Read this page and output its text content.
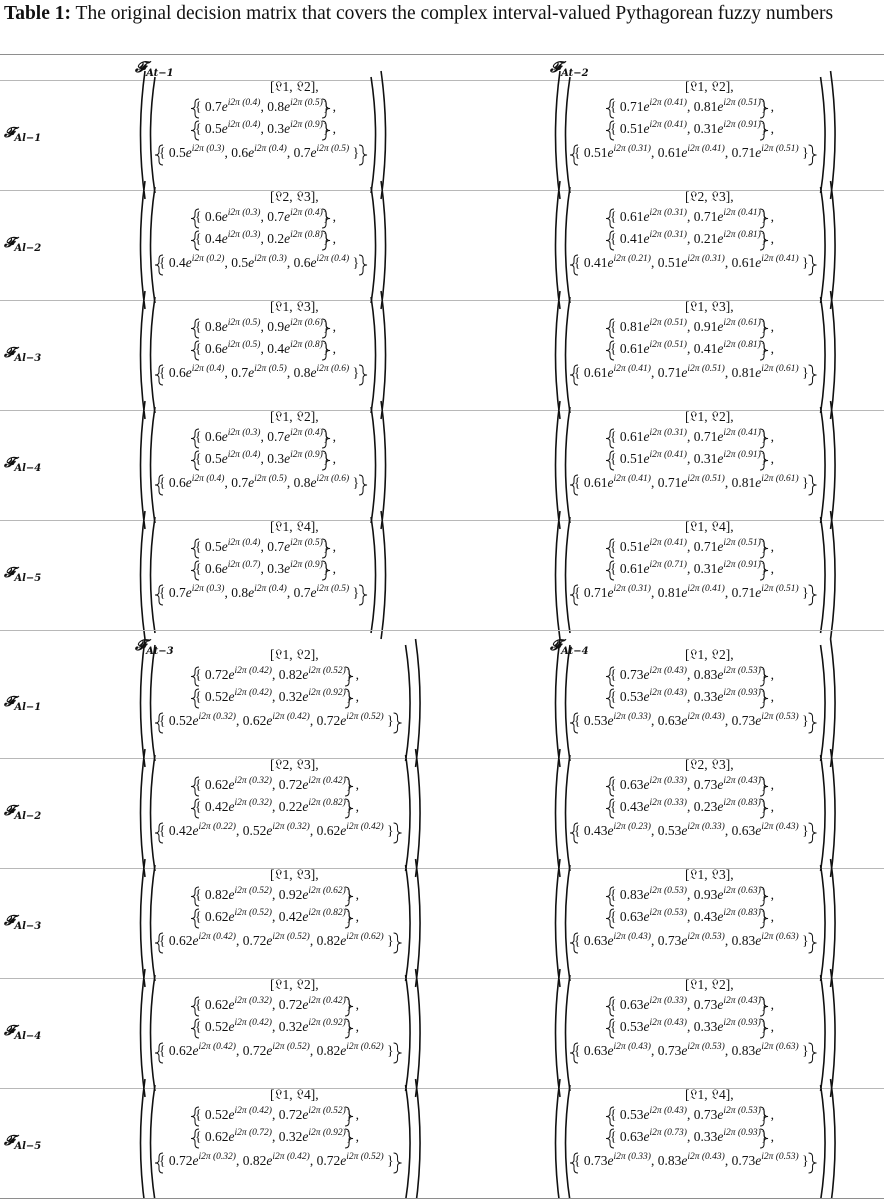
Table 1: The original decision matrix that covers the complex interval-valued Pythagorean fuzzy numbers
𝓕$_{At-1}$	𝓕$_{At-2}$
𝓕$_{Al-1}$
[𝔏1, 𝔏2],
{ $0.7e^{i2\pi (0.4)}$, $0.8e^{i2\pi (0.5)}$} ,
{ $0.5e^{i2\pi (0.4)}$, $0.3e^{i2\pi (0.9)}$} ,
{ $0.5e^{i2\pi (0.3)}$, $0.6e^{i2\pi (0.4)}$, $0.7e^{i2\pi (0.5)}$ }
[𝔏1, 𝔏2],
{ $0.71e^{i2\pi (0.41)}$, $0.81e^{i2\pi (0.51)}$} ,
{ $0.51e^{i2\pi (0.41)}$, $0.31e^{i2\pi (0.91)}$} ,
{ $0.51e^{i2\pi (0.31)}$, $0.61e^{i2\pi (0.41)}$, $0.71e^{i2\pi (0.51)}$ }
𝓕$_{Al-2}$
[𝔏2, 𝔏3],
{ $0.6e^{i2\pi (0.3)}$, $0.7e^{i2\pi (0.4)}$} ,
{ $0.4e^{i2\pi (0.3)}$, $0.2e^{i2\pi (0.8)}$} ,
{ $0.4e^{i2\pi (0.2)}$, $0.5e^{i2\pi (0.3)}$, $0.6e^{i2\pi (0.4)}$ }
[𝔏2, 𝔏3],
{ $0.61e^{i2\pi (0.31)}$, $0.71e^{i2\pi (0.41)}$} ,
{ $0.41e^{i2\pi (0.31)}$, $0.21e^{i2\pi (0.81)}$} ,
{ $0.41e^{i2\pi (0.21)}$, $0.51e^{i2\pi (0.31)}$, $0.61e^{i2\pi (0.41)}$ }
𝓕$_{Al-3}$
[𝔏1, 𝔏3],
{ $0.8e^{i2\pi (0.5)}$, $0.9e^{i2\pi (0.6)}$} ,
{ $0.6e^{i2\pi (0.5)}$, $0.4e^{i2\pi (0.8)}$} ,
{ $0.6e^{i2\pi (0.4)}$, $0.7e^{i2\pi (0.5)}$, $0.8e^{i2\pi (0.6)}$ }
[𝔏1, 𝔏3],
{ $0.81e^{i2\pi (0.51)}$, $0.91e^{i2\pi (0.61)}$} ,
{ $0.61e^{i2\pi (0.51)}$, $0.41e^{i2\pi (0.81)}$} ,
{ $0.61e^{i2\pi (0.41)}$, $0.71e^{i2\pi (0.51)}$, $0.81e^{i2\pi (0.61)}$ }
𝓕$_{Al-4}$
[𝔏1, 𝔏2],
{ $0.6e^{i2\pi (0.3)}$, $0.7e^{i2\pi (0.4)}$} ,
{ $0.5e^{i2\pi (0.4)}$, $0.3e^{i2\pi (0.9)}$} ,
{ $0.6e^{i2\pi (0.4)}$, $0.7e^{i2\pi (0.5)}$, $0.8e^{i2\pi (0.6)}$ }
[𝔏1, 𝔏2],
{ $0.61e^{i2\pi (0.31)}$, $0.71e^{i2\pi (0.41)}$} ,
{ $0.51e^{i2\pi (0.41)}$, $0.31e^{i2\pi (0.91)}$} ,
{ $0.61e^{i2\pi (0.41)}$, $0.71e^{i2\pi (0.51)}$, $0.81e^{i2\pi (0.61)}$ }
𝓕$_{Al-5}$
[𝔏1, 𝔏4],
{ $0.5e^{i2\pi (0.4)}$, $0.7e^{i2\pi (0.5)}$} ,
{ $0.6e^{i2\pi (0.7)}$, $0.3e^{i2\pi (0.9)}$} ,
{ $0.7e^{i2\pi (0.3)}$, $0.8e^{i2\pi (0.4)}$, $0.7e^{i2\pi (0.5)}$ }
[𝔏1, 𝔏4],
{ $0.51e^{i2\pi (0.41)}$, $0.71e^{i2\pi (0.51)}$} ,
{ $0.61e^{i2\pi (0.71)}$, $0.31e^{i2\pi (0.91)}$} ,
{ $0.71e^{i2\pi (0.31)}$, $0.81e^{i2\pi (0.41)}$, $0.71e^{i2\pi (0.51)}$ }
𝓕$_{At-3}$	𝓕$_{At-4}$
𝓕$_{Al-1}$
[𝔏1, 𝔏2],
{ $0.72e^{i2\pi (0.42)}$, $0.82e^{i2\pi (0.52)}$} ,
{ $0.52e^{i2\pi (0.42)}$, $0.32e^{i2\pi (0.92)}$} ,
{ $0.52e^{i2\pi (0.32)}$, $0.62e^{i2\pi (0.42)}$, $0.72e^{i2\pi (0.52)}$ }
[𝔏1, 𝔏2],
{ $0.73e^{i2\pi (0.43)}$, $0.83e^{i2\pi (0.53)}$} ,
{ $0.53e^{i2\pi (0.43)}$, $0.33e^{i2\pi (0.93)}$} ,
{ $0.53e^{i2\pi (0.33)}$, $0.63e^{i2\pi (0.43)}$, $0.73e^{i2\pi (0.53)}$ }
𝓕$_{Al-2}$
[𝔏2, 𝔏3],
{ $0.62e^{i2\pi (0.32)}$, $0.72e^{i2\pi (0.42)}$} ,
{ $0.42e^{i2\pi (0.32)}$, $0.22e^{i2\pi (0.82)}$} ,
{ $0.42e^{i2\pi (0.22)}$, $0.52e^{i2\pi (0.32)}$, $0.62e^{i2\pi (0.42)}$ }
[𝔏2, 𝔏3],
{ $0.63e^{i2\pi (0.33)}$, $0.73e^{i2\pi (0.43)}$} ,
{ $0.43e^{i2\pi (0.33)}$, $0.23e^{i2\pi (0.83)}$} ,
{ $0.43e^{i2\pi (0.23)}$, $0.53e^{i2\pi (0.33)}$, $0.63e^{i2\pi (0.43)}$ }
𝓕$_{Al-3}$
[𝔏1, 𝔏3],
{ $0.82e^{i2\pi (0.52)}$, $0.92e^{i2\pi (0.62)}$} ,
{ $0.62e^{i2\pi (0.52)}$, $0.42e^{i2\pi (0.82)}$} ,
{ $0.62e^{i2\pi (0.42)}$, $0.72e^{i2\pi (0.52)}$, $0.82e^{i2\pi (0.62)}$ }
[𝔏1, 𝔏3],
{ $0.83e^{i2\pi (0.53)}$, $0.93e^{i2\pi (0.63)}$} ,
{ $0.63e^{i2\pi (0.53)}$, $0.43e^{i2\pi (0.83)}$} ,
{ $0.63e^{i2\pi (0.43)}$, $0.73e^{i2\pi (0.53)}$, $0.83e^{i2\pi (0.63)}$ }
𝓕$_{Al-4}$
[𝔏1, 𝔏2],
{ $0.62e^{i2\pi (0.32)}$, $0.72e^{i2\pi (0.42)}$} ,
{ $0.52e^{i2\pi (0.42)}$, $0.32e^{i2\pi (0.92)}$} ,
{ $0.62e^{i2\pi (0.42)}$, $0.72e^{i2\pi (0.52)}$, $0.82e^{i2\pi (0.62)}$ }
[𝔏1, 𝔏2],
{ $0.63e^{i2\pi (0.33)}$, $0.73e^{i2\pi (0.43)}$} ,
{ $0.53e^{i2\pi (0.43)}$, $0.33e^{i2\pi (0.93)}$} ,
{ $0.63e^{i2\pi (0.43)}$, $0.73e^{i2\pi (0.53)}$, $0.83e^{i2\pi (0.63)}$ }
𝓕$_{Al-5}$
[𝔏1, 𝔏4],
{ $0.52e^{i2\pi (0.42)}$, $0.72e^{i2\pi (0.52)}$} ,
{ $0.62e^{i2\pi (0.72)}$, $0.32e^{i2\pi (0.92)}$} ,
{ $0.72e^{i2\pi (0.32)}$, $0.82e^{i2\pi (0.42)}$, $0.72e^{i2\pi (0.52)}$ }
[𝔏1, 𝔏4],
{ $0.53e^{i2\pi (0.43)}$, $0.73e^{i2\pi (0.53)}$} ,
{ $0.63e^{i2\pi (0.73)}$, $0.33e^{i2\pi (0.93)}$} ,
{ $0.73e^{i2\pi (0.33)}$, $0.83e^{i2\pi (0.43)}$, $0.73e^{i2\pi (0.53)}$ }
